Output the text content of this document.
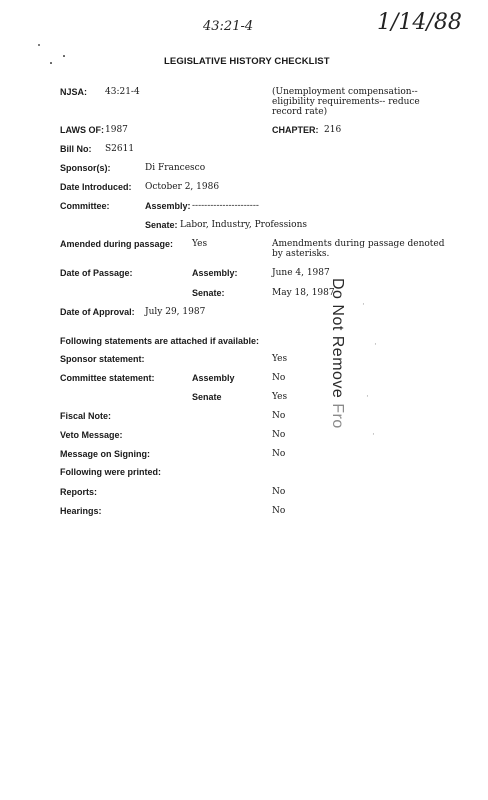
43:21-4	1/14/88
LEGISLATIVE HISTORY CHECKLIST
NJSA: 43:21-4	(Unemployment compensation--
eligibility requirements-- reduce
record rate)
LAWS OF: 1987	CHAPTER: 216
Bill No: S2611
Sponsor(s):	Di Francesco
Date Introduced: October 2, 1986
Committee:	Assembly: ----------------------
Senate: Labor, Industry, Professions
Amended during passage: Yes	Amendments during passage denoted
by asterisks.
Date of Passage:	Assembly:	June 4, 1987
Senate:	May 18, 1987
Date of Approval: July 29, 1987
Following statements are attached if available:
Sponsor statement:	Yes
Committee statement:	Assembly	No
Senate	Yes
Fiscal Note:	No
Veto Message:	No
Message on Signing:	No
Following were printed:
Reports:	No
Hearings:	No
Do Not Remove Fro
·
·
·
·
